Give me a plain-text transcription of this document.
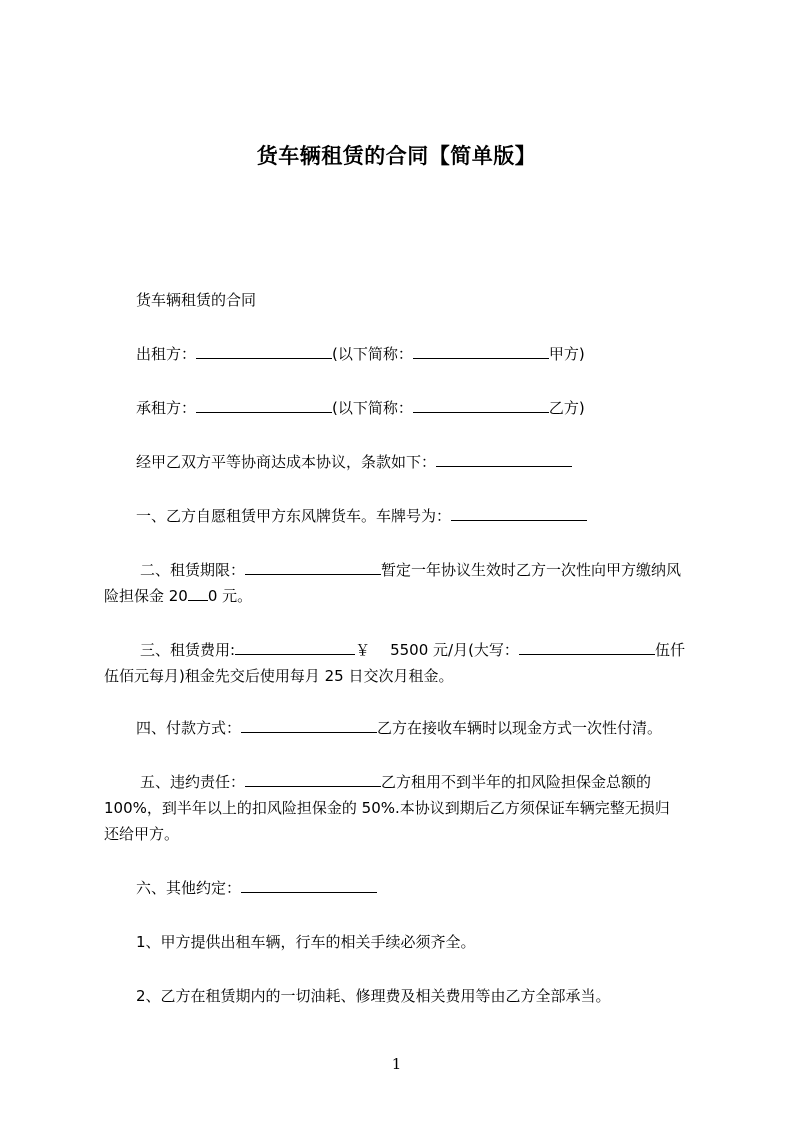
货车辆租赁的合同【简单版】

货车辆租赁的合同

出租方：	(以下简称：	甲方)

承租方：	(以下简称：	乙方)

经甲乙双方平等协商达成本协议，条款如下：

一、乙方自愿租赁甲方东风牌货车。车牌号为：

二、租赁期限：	暂定一年协议生效时乙方一次性向甲方缴纳风

险担保金 20 0 元。

三、租赁费用:	￥ 5500 元/月(大写：	伍仟

伍佰元每月)租金先交后使用每月 25 日交次月租金。

四、付款方式：	乙方在接收车辆时以现金方式一次性付清。

五、违约责任：	乙方租用不到半年的扣风险担保金总额的

100%，到半年以上的扣风险担保金的 50%.本协议到期后乙方须保证车辆完整无损归

还给甲方。

六、其他约定：

1、甲方提供出租车辆，行车的相关手续必须齐全。

2、乙方在租赁期内的一切油耗、修理费及相关费用等由乙方全部承当。

1
